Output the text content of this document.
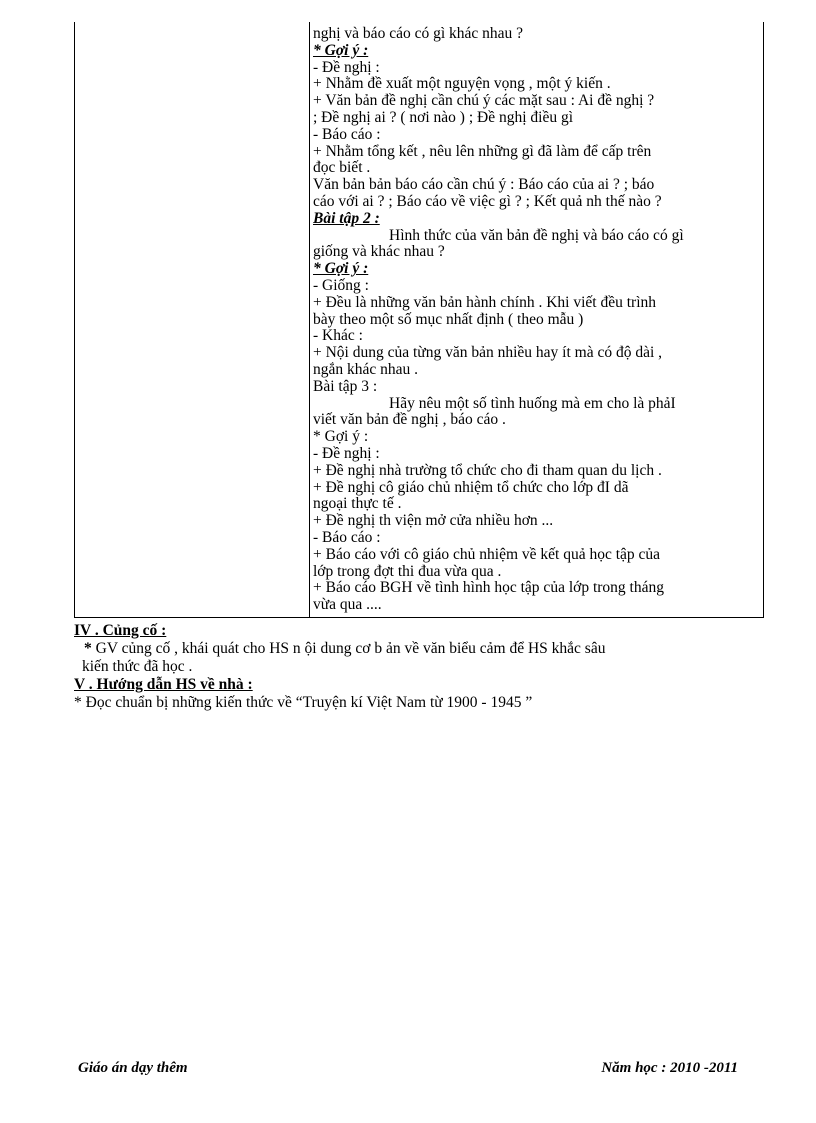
nghị và báo cáo có gì khác nhau ?
* Gợi ý :
- Đề nghị :
+ Nhằm đề xuất một nguyện vọng , một ý kiến .
+ Văn bản đề nghị cần chú ý các mặt sau : Ai đề nghị ?
; Đề nghị ai ? ( nơi nào ) ; Đề nghị điều gì
- Báo cáo :
+ Nhằm tổng kết , nêu lên những gì đã làm để cấp trên
đọc biết .
Văn bản bản báo cáo cần chú ý : Báo cáo của ai ? ; báo
cáo với ai ? ; Báo cáo về việc gì ? ; Kết quả nh thế nào ?
Bài tập 2 :
Hình thức của văn bản đề nghị và báo cáo có gì
giống và khác nhau ?
* Gợi ý :
- Giống :
+ Đều là những văn bản hành chính . Khi viết đều trình
bày theo một số mục nhất định ( theo mẫu )
- Khác :
+ Nội dung của từng văn bản nhiều hay ít mà có độ dài ,
ngắn khác nhau .
Bài tập 3 :
Hãy nêu một số tình huống mà em cho là phảI
viết văn bản đề nghị , báo cáo .
* Gợi ý :
- Đề nghị :
+ Đề nghị nhà trường tổ chức cho đi tham quan du lịch .
+ Đề nghị cô giáo chủ nhiệm tổ chức cho lớp đI dã
ngoại thực tế .
+ Đề nghị th viện mở cửa nhiều hơn ...
- Báo cáo :
+ Báo cáo với cô giáo chủ nhiệm về kết quả học tập của
lớp trong đợt thi đua vừa qua .
+ Báo cáo BGH về tình hình học tập của lớp trong tháng
vừa qua ....
IV . Củng cố :
* GV củng cố , khái quát cho HS n ội dung cơ b ản về văn biểu cảm để HS khắc sâu
kiến thức đã học .
V . Hướng dẫn HS về nhà :
* Đọc chuẩn bị những kiến thức về “Truyện kí Việt Nam từ 1900 - 1945 ”
Giáo án dạy thêm	Năm học : 2010 -2011
